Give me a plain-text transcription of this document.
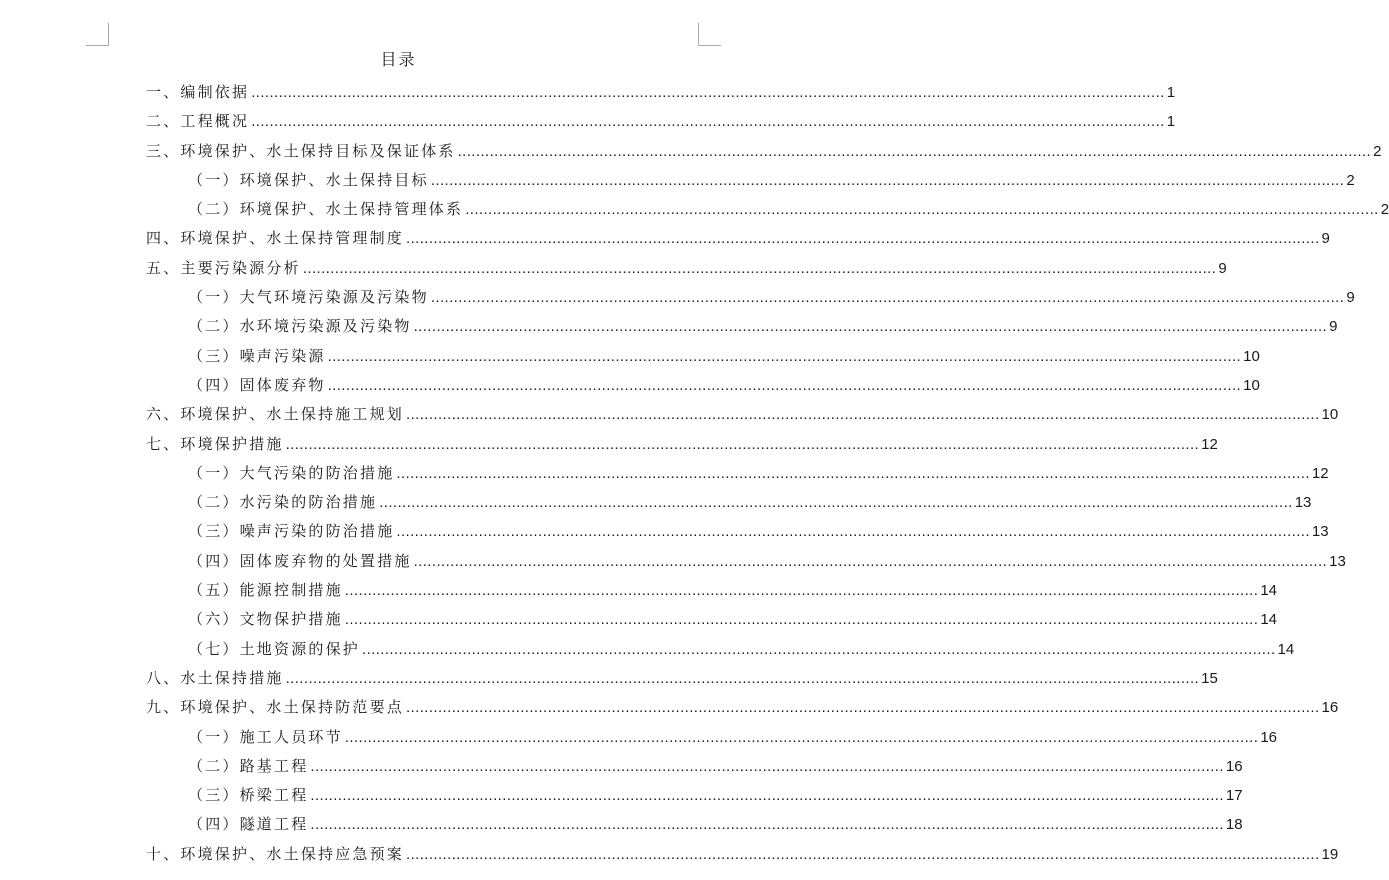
目录
一、编制依据 ........................................................................................................................................................................................................ 1
二、工程概况 ........................................................................................................................................................................................................ 1
三、环境保护、水土保持目标及保证体系 ........................................................................................................................................................................................................ 2
（一）环境保护、水土保持目标 ........................................................................................................................................................................................................ 2
（二）环境保护、水土保持管理体系 ........................................................................................................................................................................................................ 2
四、环境保护、水土保持管理制度 ........................................................................................................................................................................................................ 9
五、主要污染源分析 ........................................................................................................................................................................................................ 9
（一）大气环境污染源及污染物 ........................................................................................................................................................................................................ 9
（二）水环境污染源及污染物 ........................................................................................................................................................................................................ 9
（三）噪声污染源 ........................................................................................................................................................................................................ 10
（四）固体废弃物 ........................................................................................................................................................................................................ 10
六、环境保护、水土保持施工规划 ........................................................................................................................................................................................................ 10
七、环境保护措施 ........................................................................................................................................................................................................ 12
（一）大气污染的防治措施 ........................................................................................................................................................................................................ 12
（二）水污染的防治措施 ........................................................................................................................................................................................................ 13
（三）噪声污染的防治措施 ........................................................................................................................................................................................................ 13
（四）固体废弃物的处置措施 ........................................................................................................................................................................................................ 13
（五）能源控制措施 ........................................................................................................................................................................................................ 14
（六）文物保护措施 ........................................................................................................................................................................................................ 14
（七）土地资源的保护 ........................................................................................................................................................................................................ 14
八、水土保持措施 ........................................................................................................................................................................................................ 15
九、环境保护、水土保持防范要点 ........................................................................................................................................................................................................ 16
（一）施工人员环节 ........................................................................................................................................................................................................ 16
（二）路基工程 ........................................................................................................................................................................................................ 16
（三）桥梁工程 ........................................................................................................................................................................................................ 17
（四）隧道工程 ........................................................................................................................................................................................................ 18
十、环境保护、水土保持应急预案 ........................................................................................................................................................................................................ 19
